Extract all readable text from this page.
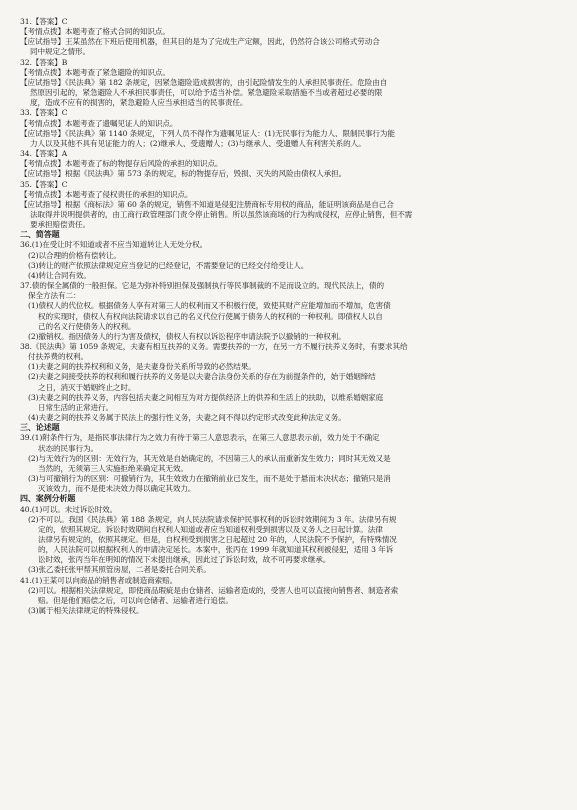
31.【答案】C
【考情点拨】本题考查了格式合同的知识点。
【应试指导】王某虽然在下班后使用机器，但其目的是为了完成生产定额，因此，仍然符合该公司格式劳动合
同中规定之情形。
32.【答案】B
【考情点拨】本题考查了紧急避险的知识点。
【应试指导】《民法典》第 182 条规定，因紧急避险造成损害的，由引起险情发生的人承担民事责任。危险由自
然原因引起的，紧急避险人不承担民事责任，可以给予适当补偿。紧急避险采取措施不当或者超过必要的限
度，造成不应有的损害的，紧急避险人应当承担适当的民事责任。
33.【答案】C
【考情点拨】本题考查了遗嘱见证人的知识点。
【应试指导】《民法典》第 1140 条规定，下列人员不得作为遗嘱见证人：(1)无民事行为能力人、限制民事行为能
力人以及其他不具有见证能力的人；(2)继承人、受遗赠人；(3)与继承人、受遗赠人有利害关系的人。
34.【答案】A
【考情点拨】本题考查了标的物提存后风险的承担的知识点。
【应试指导】根据《民法典》第 573 条的规定，标的物提存后，毁损、灭失的风险由债权人承担。
35.【答案】C
【考情点拨】本题考查了侵权责任的承担的知识点。
【应试指导】根据《商标法》第 60 条的规定，销售不知道是侵犯注册商标专用权的商品，能证明该商品是自己合
法取得并说明提供者的，由工商行政管理部门责令停止销售。所以虽然该商场的行为构成侵权，应停止销售，但不需
要承担赔偿责任。
二、简答题
36.(1)在受让时不知道或者不应当知道转让人无处分权。
(2)以合理的价格有偿转让。
(3)转让的财产依照法律规定应当登记的已经登记，不需要登记的已经交付给受让人。
(4)转让合同有效。
37.债的保全属债的一般担保。它是为弥补特别担保及强制执行等民事制裁的不足而设立的。现代民法上，债的
保全方法有二：
(1)债权人的代位权。根据债务人享有对第三人的权利而又不积极行使，致使其财产应能增加而不增加，危害债
权的实现时，债权人有权向法院请求以自己的名义代位行使属于债务人的权利的一种权利。即债权人以自
己的名义行使债务人的权利。
(2)撤销权。指因债务人的行为害及债权，债权人有权以诉讼程序申请法院予以撤销的一种权利。
38.《民法典》第 1059 条规定，夫妻有相互扶养的义务。需要扶养的一方，在另一方不履行扶养义务时，有要求其给
付扶养费的权利。
(1)夫妻之间的扶养权利和义务，是夫妻身份关系所导致的必然结果。
(2)夫妻之间接受扶养的权利和履行扶养的义务是以夫妻合法身份关系的存在为前提条件的，始于婚姻缔结
之日，消灭于婚姻终止之时。
(3)夫妻之间的扶养义务，内容包括夫妻之间相互为对方提供经济上的供养和生活上的扶助，以维系婚姻家庭
日常生活的正常进行。
(4)夫妻之间的扶养义务属于民法上的强行性义务，夫妻之间不得以约定形式改变此种法定义务。
三、论述题
39.(1)附条件行为，是指民事法律行为之效力有待于第三人意思表示，在第三人意思表示前，效力处于不确定
状态的民事行为。
(2)与无效行为的区别：无效行为，其无效是自始确定的，不因第三人的承认而重新发生效力；同时其无效又是
当然的，无须第三人实施拒绝来确定其无效。
(3)与可撤销行为的区别：可撤销行为，其生效效力在撤销前业已发生，而不是处于悬而未决状态；撤销只是消
灭该效力，而不是使未决效力得以确定其效力。
四、案例分析题
40.(1)可以。未过诉讼时效。
(2)不可以。我国《民法典》第 188 条规定，向人民法院请求保护民事权利的诉讼时效期间为 3 年。法律另有规
定的，依照其规定。诉讼时效期间自权利人知道或者应当知道权利受到损害以及义务人之日起计算。法律
法律另有规定的，依照其规定。但是，自权利受到损害之日起超过 20 年的，人民法院不予保护，有特殊情况
的，人民法院可以根据权利人的申请决定延长。本案中，张丙在 1999 年就知道其权利被侵犯，适用 3 年诉
讼时效，张丙当年在明知的情况下未提出继承，因此过了诉讼时效，故不可再要求继承。
(3)张乙委托张甲帮其照管房屋，二者是委托合同关系。
41.(1)王某可以向商品的销售者或制造商索赔。
(2)可以。根据相关法律规定，即使商品瑕疵是由仓储者、运输者造成的，受害人也可以直接向销售者、制造者索
赔。但是他们赔偿之后，可以向仓储者、运输者进行追偿。
(3)属于相关法律规定的特殊侵权。
